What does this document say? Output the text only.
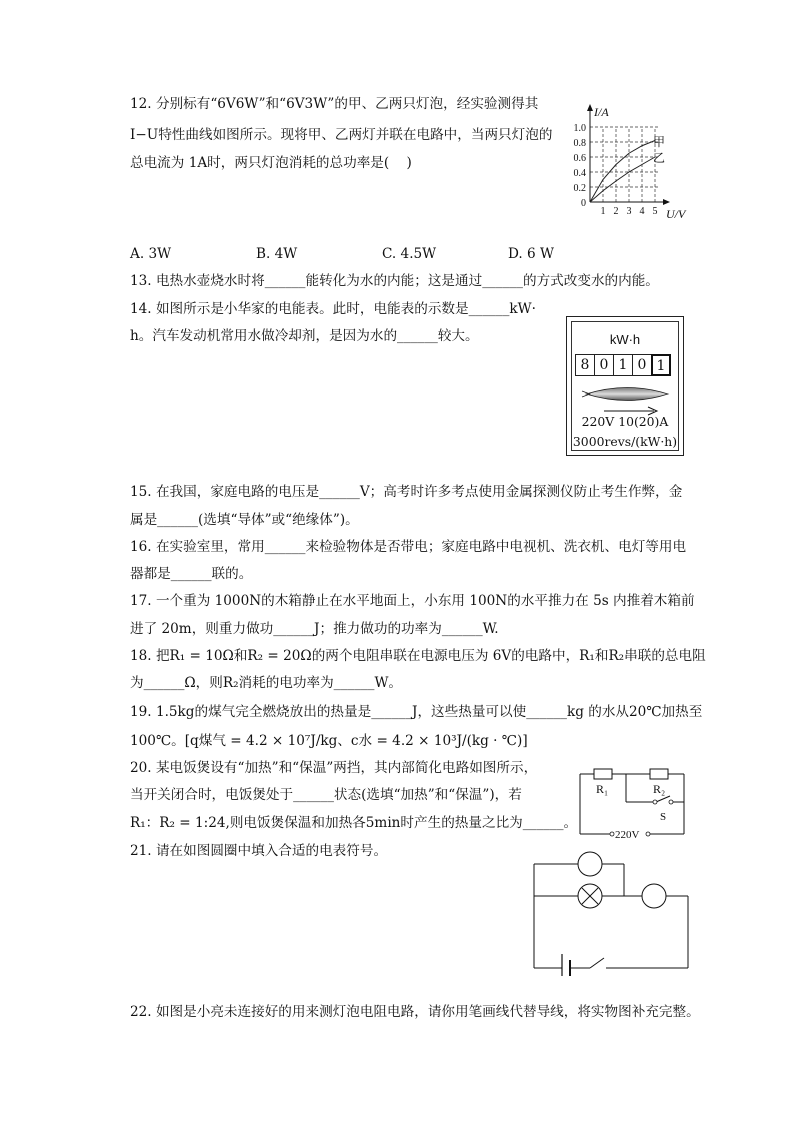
12. 分别标有“6V6W”和“6V3W”的甲、乙两只灯泡，经实验测得其
I−U特性曲线如图所示。现将甲、乙两灯并联在电路中，当两只灯泡的
总电流为 1A时，两只灯泡消耗的总功率是(    )
I/A
U/V
1.0
0.8
0.6
0.4
0.2
0
1 2 3 4 5
甲
乙
A. 3W	B. 4W	C. 4.5W	D. 6 W
13. 电热水壶烧水时将______能转化为水的内能；这是通过______的方式改变水的内能。
14. 如图所示是小华家的电能表。此时，电能表的示数是______kW·
h。汽车发动机常用水做冷却剂，是因为水的______较大。	kW·h
8 0 1 0 1
220V 10(20)A
3000revs/(kW·h)
15. 在我国，家庭电路的电压是______V；高考时许多考点使用金属探测仪防止考生作弊，金
属是______(选填“导体”或“绝缘体”)。
16. 在实验室里，常用______来检验物体是否带电；家庭电路中电视机、洗衣机、电灯等用电
器都是______联的。
17. 一个重为 1000N的木箱静止在水平地面上，小东用 100N的水平推力在 5s 内推着木箱前
进了 20m，则重力做功______J；推力做功的功率为______W.
18. 把R₁ = 10Ω和R₂ = 20Ω的两个电阻串联在电源电压为 6V的电路中，R₁和R₂串联的总电阻
为______Ω，则R₂消耗的电功率为______W。
19. 1.5kg的煤气完全燃烧放出的热量是______J，这些热量可以使______kg 的水从20℃加热至
100℃。[q煤气 = 4.2 × 10⁷J/kg、c水 = 4.2 × 10³J/(kg · ℃)]
20. 某电饭煲设有“加热”和“保温”两挡，其内部简化电路如图所示，
当开关闭合时，电饭煲处于______状态(选填“加热”和“保温”)，若
R₁：R₂ = 1:24,则电饭煲保温和加热各5min时产生的热量之比为______。
R₁	R₂
S
220V
21. 请在如图圆圈中填入合适的电表符号。
22. 如图是小亮未连接好的用来测灯泡电阻电路，请你用笔画线代替导线，将实物图补充完整。
